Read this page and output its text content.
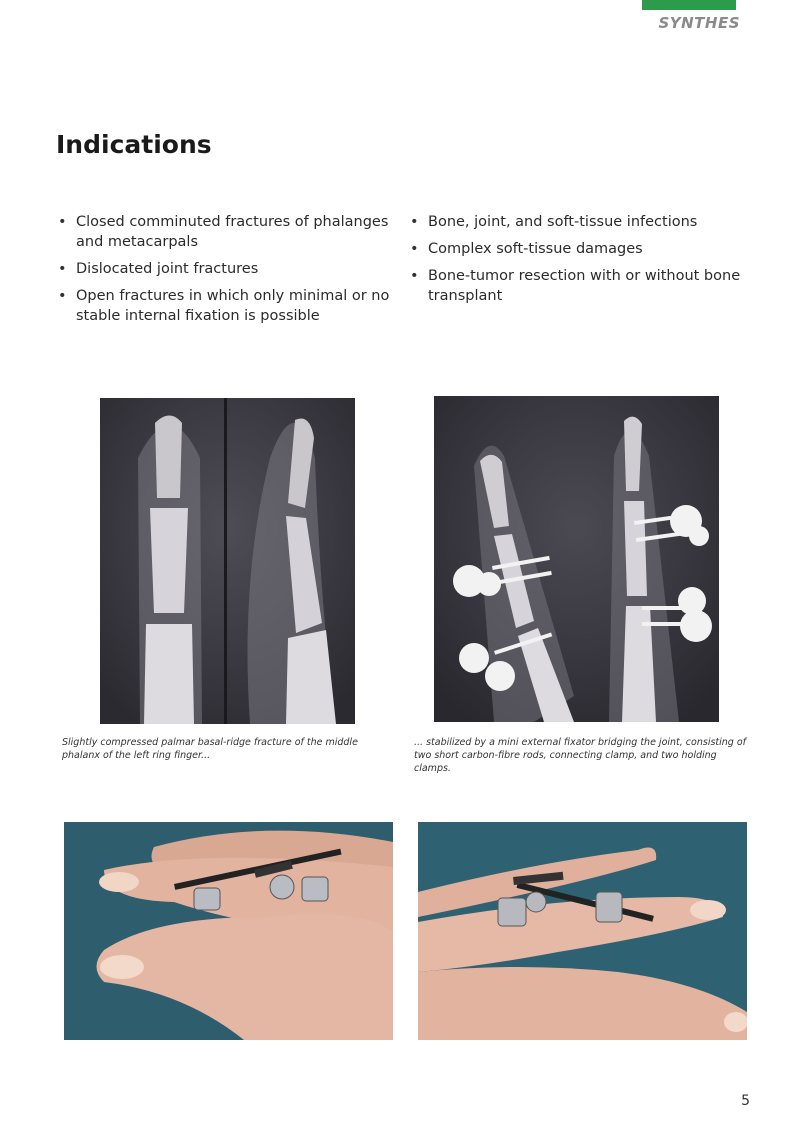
SYNTHES
Indications
• Closed comminuted fractures of phalanges and metacarpals
• Dislocated joint fractures
• Open fractures in which only minimal or no stable internal fixation is possible
• Bone, joint, and soft-tissue infections
• Complex soft-tissue damages
• Bone-tumor resection with or without bone transplant
Slightly compressed palmar basal-ridge fracture of the middle phalanx of the left ring finger...
... stabilized by a mini external fixator bridging the joint, consisting of two short carbon-fibre rods, connecting clamp, and two holding clamps.
5
